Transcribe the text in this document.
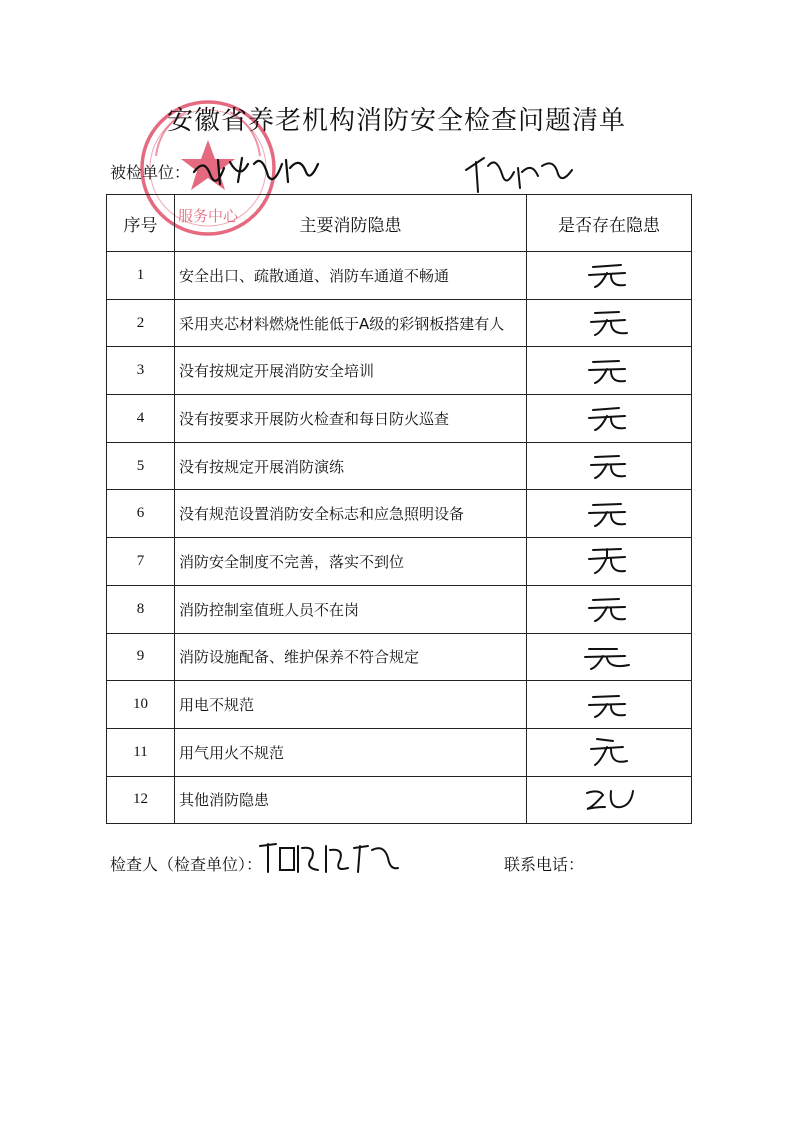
服务中心
安徽省养老机构消防安全检查问题清单
被检单位：
序号	主要消防隐患	是否存在隐患
1	安全出口、疏散通道、消防车通道不畅通	

2	采用夹芯材料燃烧性能低于A级的彩钢板搭建有人	

3	没有按规定开展消防安全培训	

4	没有按要求开展防火检查和每日防火巡查	

5	没有按规定开展消防演练	

6	没有规范设置消防安全标志和应急照明设备	

7	消防安全制度不完善，落实不到位	

8	消防控制室值班人员不在岗	

9	消防设施配备、维护保养不符合规定	

10	用电不规范	

11	用气用火不规范	

12	其他消防隐患	
检查人（检查单位）：	联系电话：
